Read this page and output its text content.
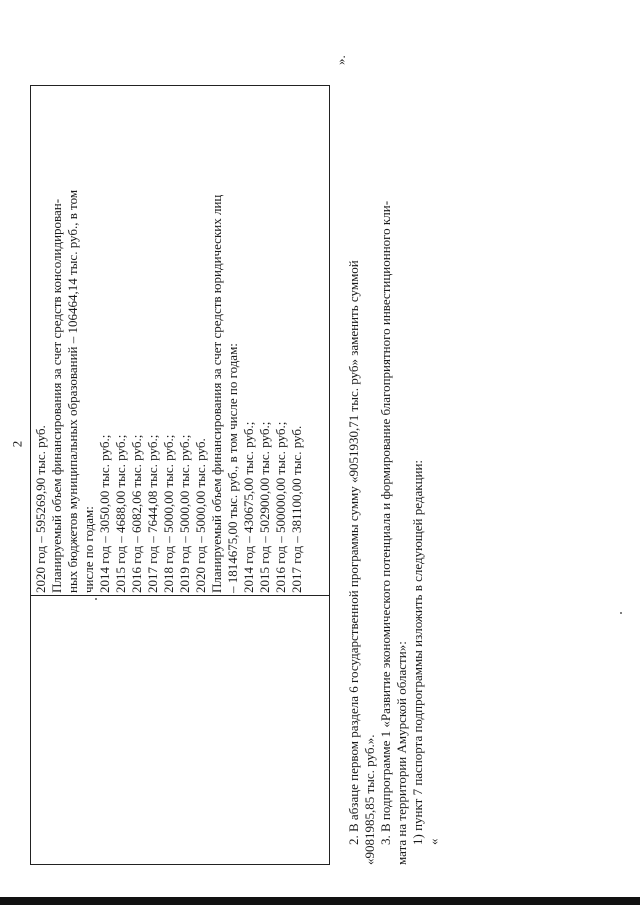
2 2020 год – 595269,90 тыс. руб. Планируемый объем финансирования за счет средств консолидирован- ных бюджетов муниципальных образований – 106464,14 тыс. руб., в том числе по годам: 2014 год – 3050,00 тыс. руб.; 2015 год – 4688,00 тыс. руб.; 2016 год – 6082,06 тыс. руб.; 2017 год – 7644,08 тыс. руб.; 2018 год – 5000,00 тыс. руб.; 2019 год – 5000,00 тыс. руб.; 2020 год – 5000,00 тыс. руб. Планируемый объем финансирования за счет средств юридических лиц – 1814675,00 тыс. руб., в том числе по годам: 2014 год – 430675,00 тыс. руб.; 2015 год – 502900,00 тыс. руб.; 2016 год – 500000,00 тыс. руб.; 2017 год – 381100,00 тыс. руб.
».
2. В абзаце первом раздела 6 государственной программы сумму «9051930,71 тыс. руб» заменить суммой «9081985,85 тыс. руб.». 3. В подпрограмме 1 «Развитие экономического потенциала и формирование благоприятного инвестиционного кли- мата на территории Амурской области»: 1) пункт 7 паспорта подпрограммы изложить в следующей редакции: «
